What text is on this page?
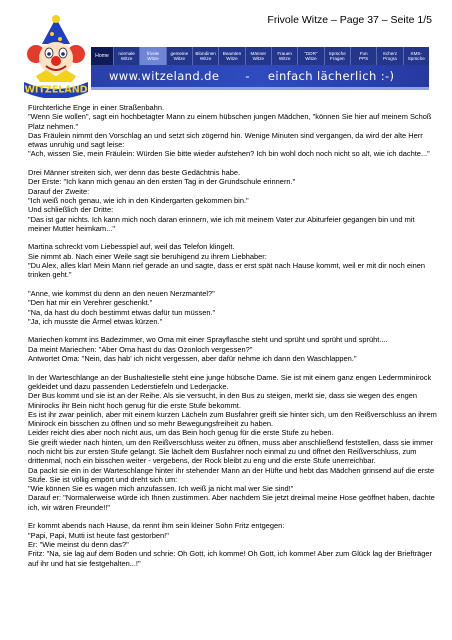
Frivole Witze – Page 37 – Seite 1/5
WITZELAND
Home	normale
Witze
frivole
Witze
gemeine
Witze
Blondinen
Witze
Beamten
Witze
Männer
Witze
Frauen
Witze
"DDR"
Witze
Sprüche
Fragen
Fun
PPS
Scherz
Progra
SMS-
Sprüche
www.witzeland.de - einfach lächerlich :-)

Fürchterliche Enge in einer Straßenbahn.

"Wenn Sie wollen", sagt ein hochbetagter Mann zu einem hübschen jungen Mädchen, "können Sie hier auf meinem Schoß Platz nehmen."

Das Fräulein nimmt den Vorschlag an und setzt sich zögernd hin. Wenige Minuten sind vergangen, da wird der alte Herr etwas unruhig und sagt leise:

"Ach, wissen Sie, mein Fräulein: Würden Sie bitte wieder aufstehen? Ich bin wohl doch noch nicht so alt, wie ich dachte..."

Drei Männer streiten sich, wer denn das beste Gedächtnis habe.

Der Erste: "Ich kann mich genau an den ersten Tag in der Grundschule erinnern."

Darauf der Zweite:

"Ich weiß noch genau, wie ich in den Kindergarten gekommen bin."

Und schließlich der Dritte:

"Das ist gar nichts. Ich kann mich noch daran erinnern, wie ich mit meinem Vater zur Abiturfeier gegangen bin und mit meiner Mutter heimkam..."

Martina schreckt vom Liebesspiel auf, weil das Telefon klingelt.

Sie nimmt ab. Nach einer Weile sagt sie beruhigend zu ihrem Liebhaber:

"Du Alex, alles klar! Mein Mann rief gerade an und sagte, dass er erst spät nach Hause kommt, weil er mit dir noch einen trinken geht."

"Anne, wie kommst du denn an den neuen Nerzmantel?"

"Den hat mir ein Verehrer geschenkt."

"Na, da hast du doch bestimmt etwas dafür tun müssen."

"Ja, ich musste die Ärmel etwas kürzen."

Mariechen kommt ins Badezimmer, wo Oma mit einer Sprayflasche steht und sprüht und sprüht und sprüht....

Da meint Mariechen: "Aber Oma hast du das Ozonloch vergessen?"

Antwortet Oma: "Nein, das hab' ich nicht vergessen, aber dafür nehme ich dann den Waschlappen."

In der Warteschlange an der Bushaltestelle steht eine junge hübsche Dame. Sie ist mit einem ganz engen Ledermminirock gekleidet und dazu passenden Lederstiefeln und Lederjacke.

Der Bus kommt und sie ist an der Reihe. Als sie versucht, in den Bus zu steigen, merkt sie, dass sie wegen des engen Minirocks ihr Bein nicht hoch genug für die erste Stufe bekommt.

Es ist ihr zwar peinlich, aber mit einem kurzen Lächeln zum Busfahrer greift sie hinter sich, um den Reißverschluss an ihrem Minirock ein bisschen zu öffnen und so mehr Bewegungsfreiheit zu haben.

Leider reicht dies aber noch nicht aus, um das Bein hoch genug für die erste Stufe zu heben.

Sie greift wieder nach hinten, um den Reißverschluss weiter zu öffnen, muss aber anschließend feststellen, dass sie immer noch nicht bis zur ersten Stufe gelangt. Sie lächelt dem Busfahrer noch einmal zu und öffnet den Reißverschluss, zum drittenmal, noch ein bisschen weiter - vergebens, der Rock bleibt zu eng und die erste Stufe unerreichbar.

Da packt sie ein in der Warteschlange hinter ihr stehender Mann an der Hüfte und hebt das Mädchen grinsend auf die erste Stufe. Sie ist völlig empört und dreht sich um:

"Wie können Sie es wagen mich anzufassen. Ich weiß ja nicht mal wer Sie sind!"

Darauf er: "Normalerweise würde ich Ihnen zustimmen. Aber nachdem Sie jetzt dreimal meine Hose geöffnet haben, dachte ich, wir wären Freunde!!"

Er kommt abends nach Hause, da rennt ihm sein kleiner Sohn Fritz entgegen:

"Papi, Papi, Mutti ist heute fast gestorben!"

Er: "Wie meinst du denn das?"

Fritz: "Na, sie lag auf dem Boden und schrie: Oh Gott, ich komme! Oh Gott, ich komme! Aber zum Glück lag der Briefträger auf ihr und hat sie festgehalten...!"
